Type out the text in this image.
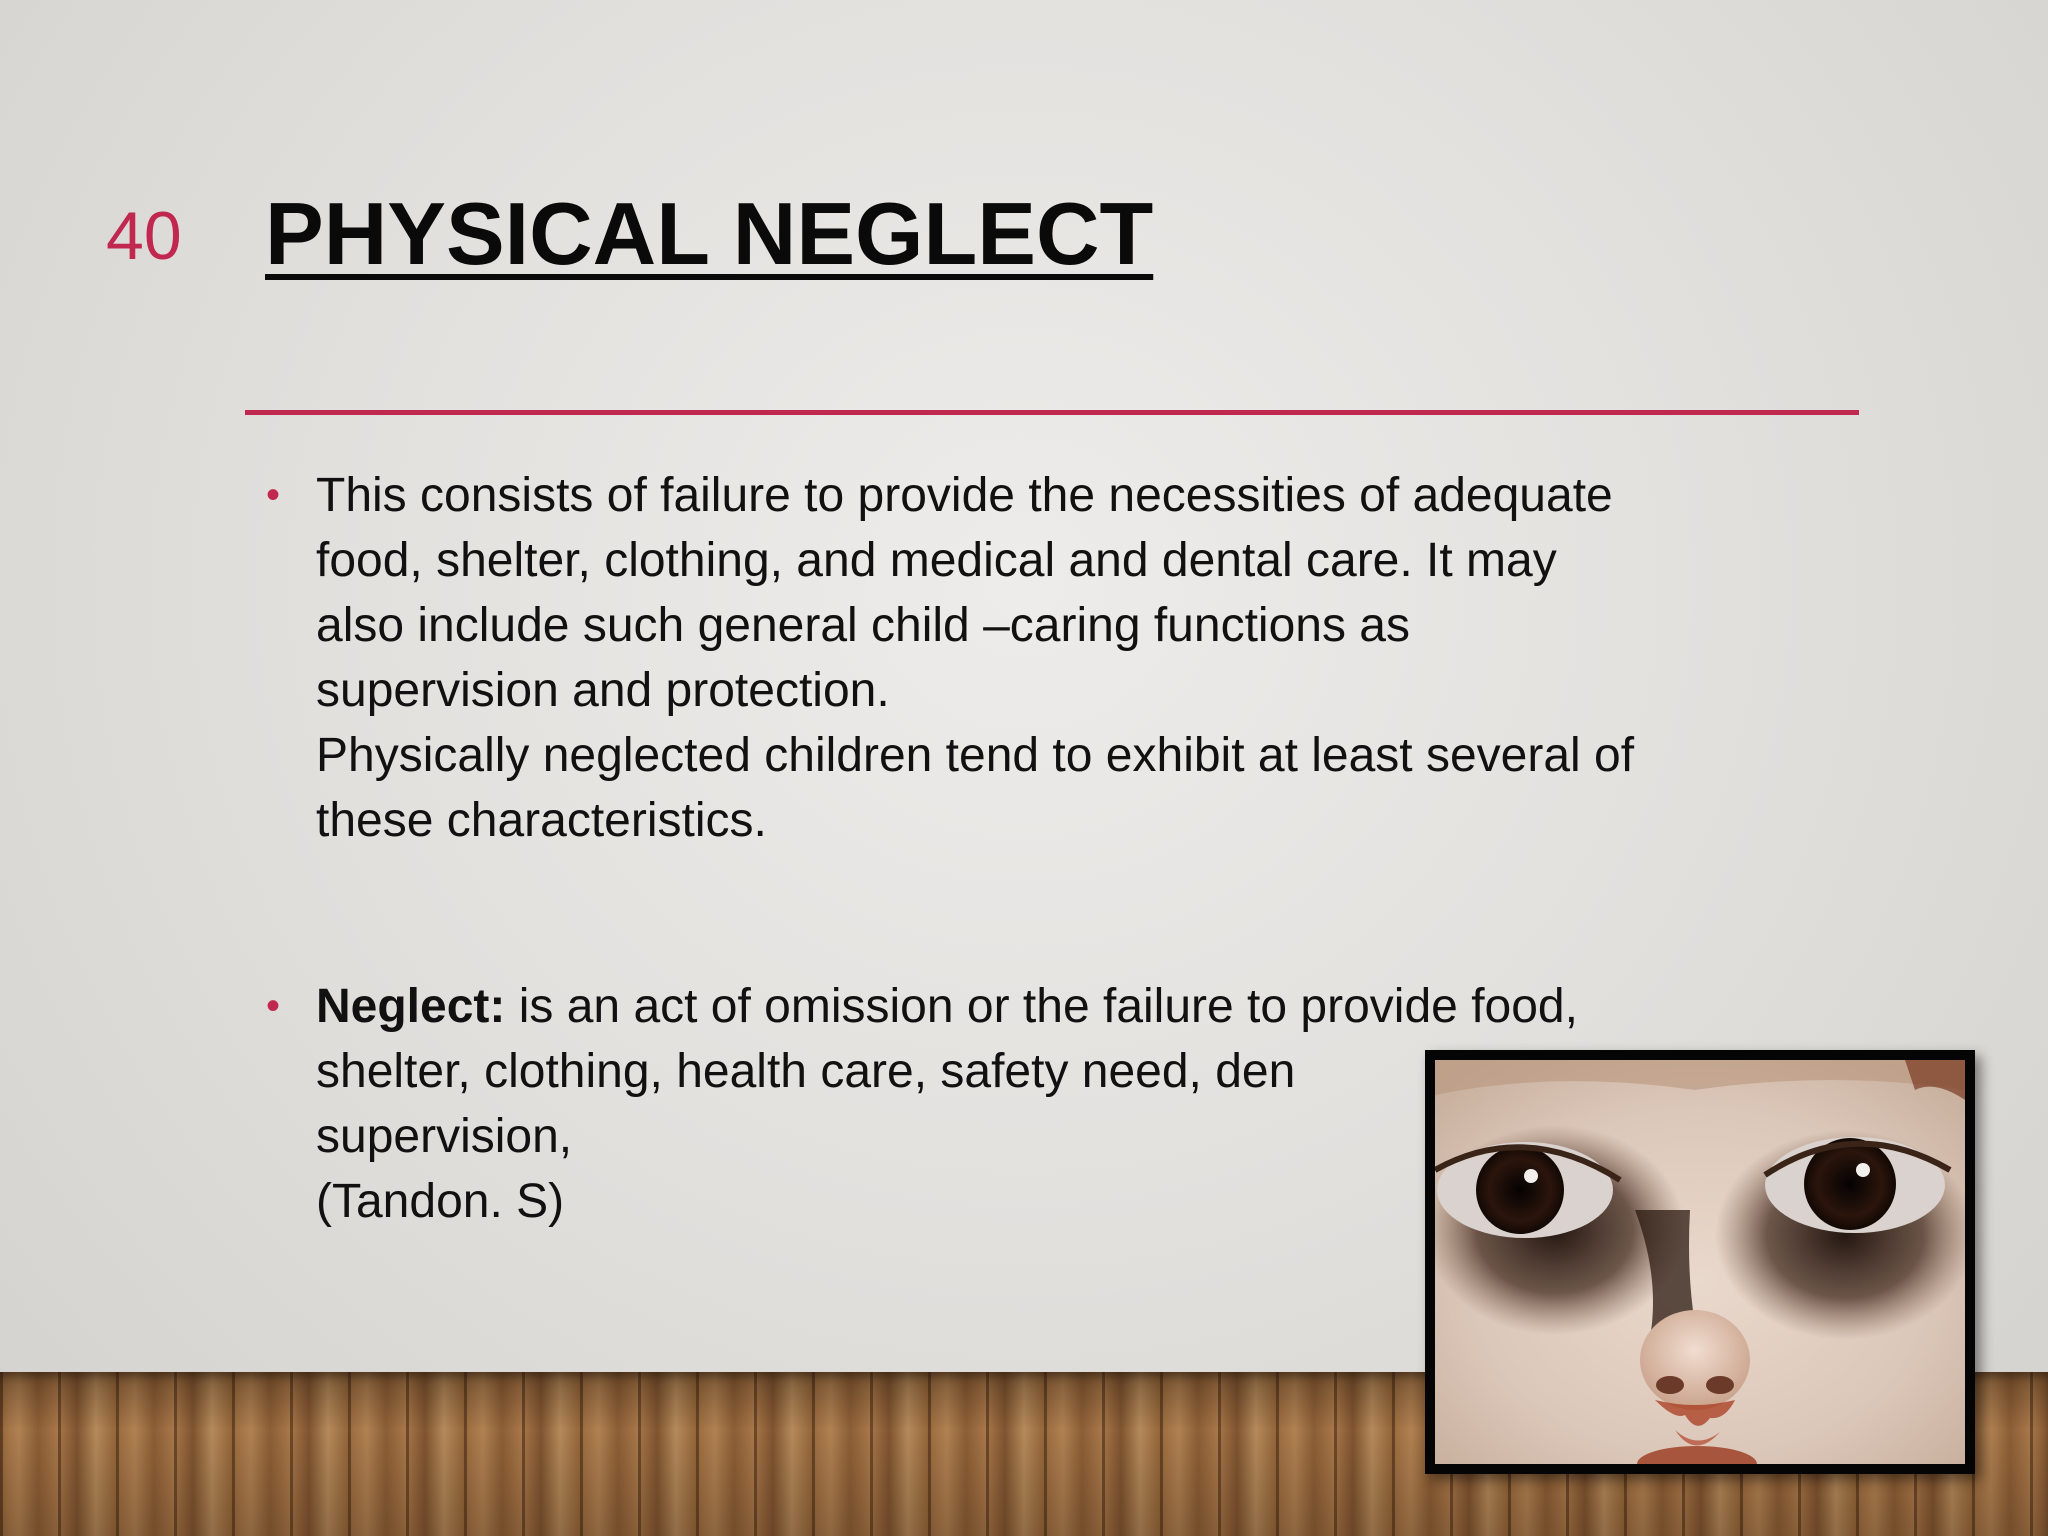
40 PHYSICAL NEGLECT
• This consists of failure to provide the necessities of adequate
food, shelter, clothing, and medical and dental care. It may
also include such general child –caring functions as
supervision and protection.
Physically neglected children tend to exhibit at least several of
these characteristics.
• Neglect: is an act of omission or the failure to provide food,
shelter, clothing, health care, safety need, den
supervision,
(Tandon. S)
